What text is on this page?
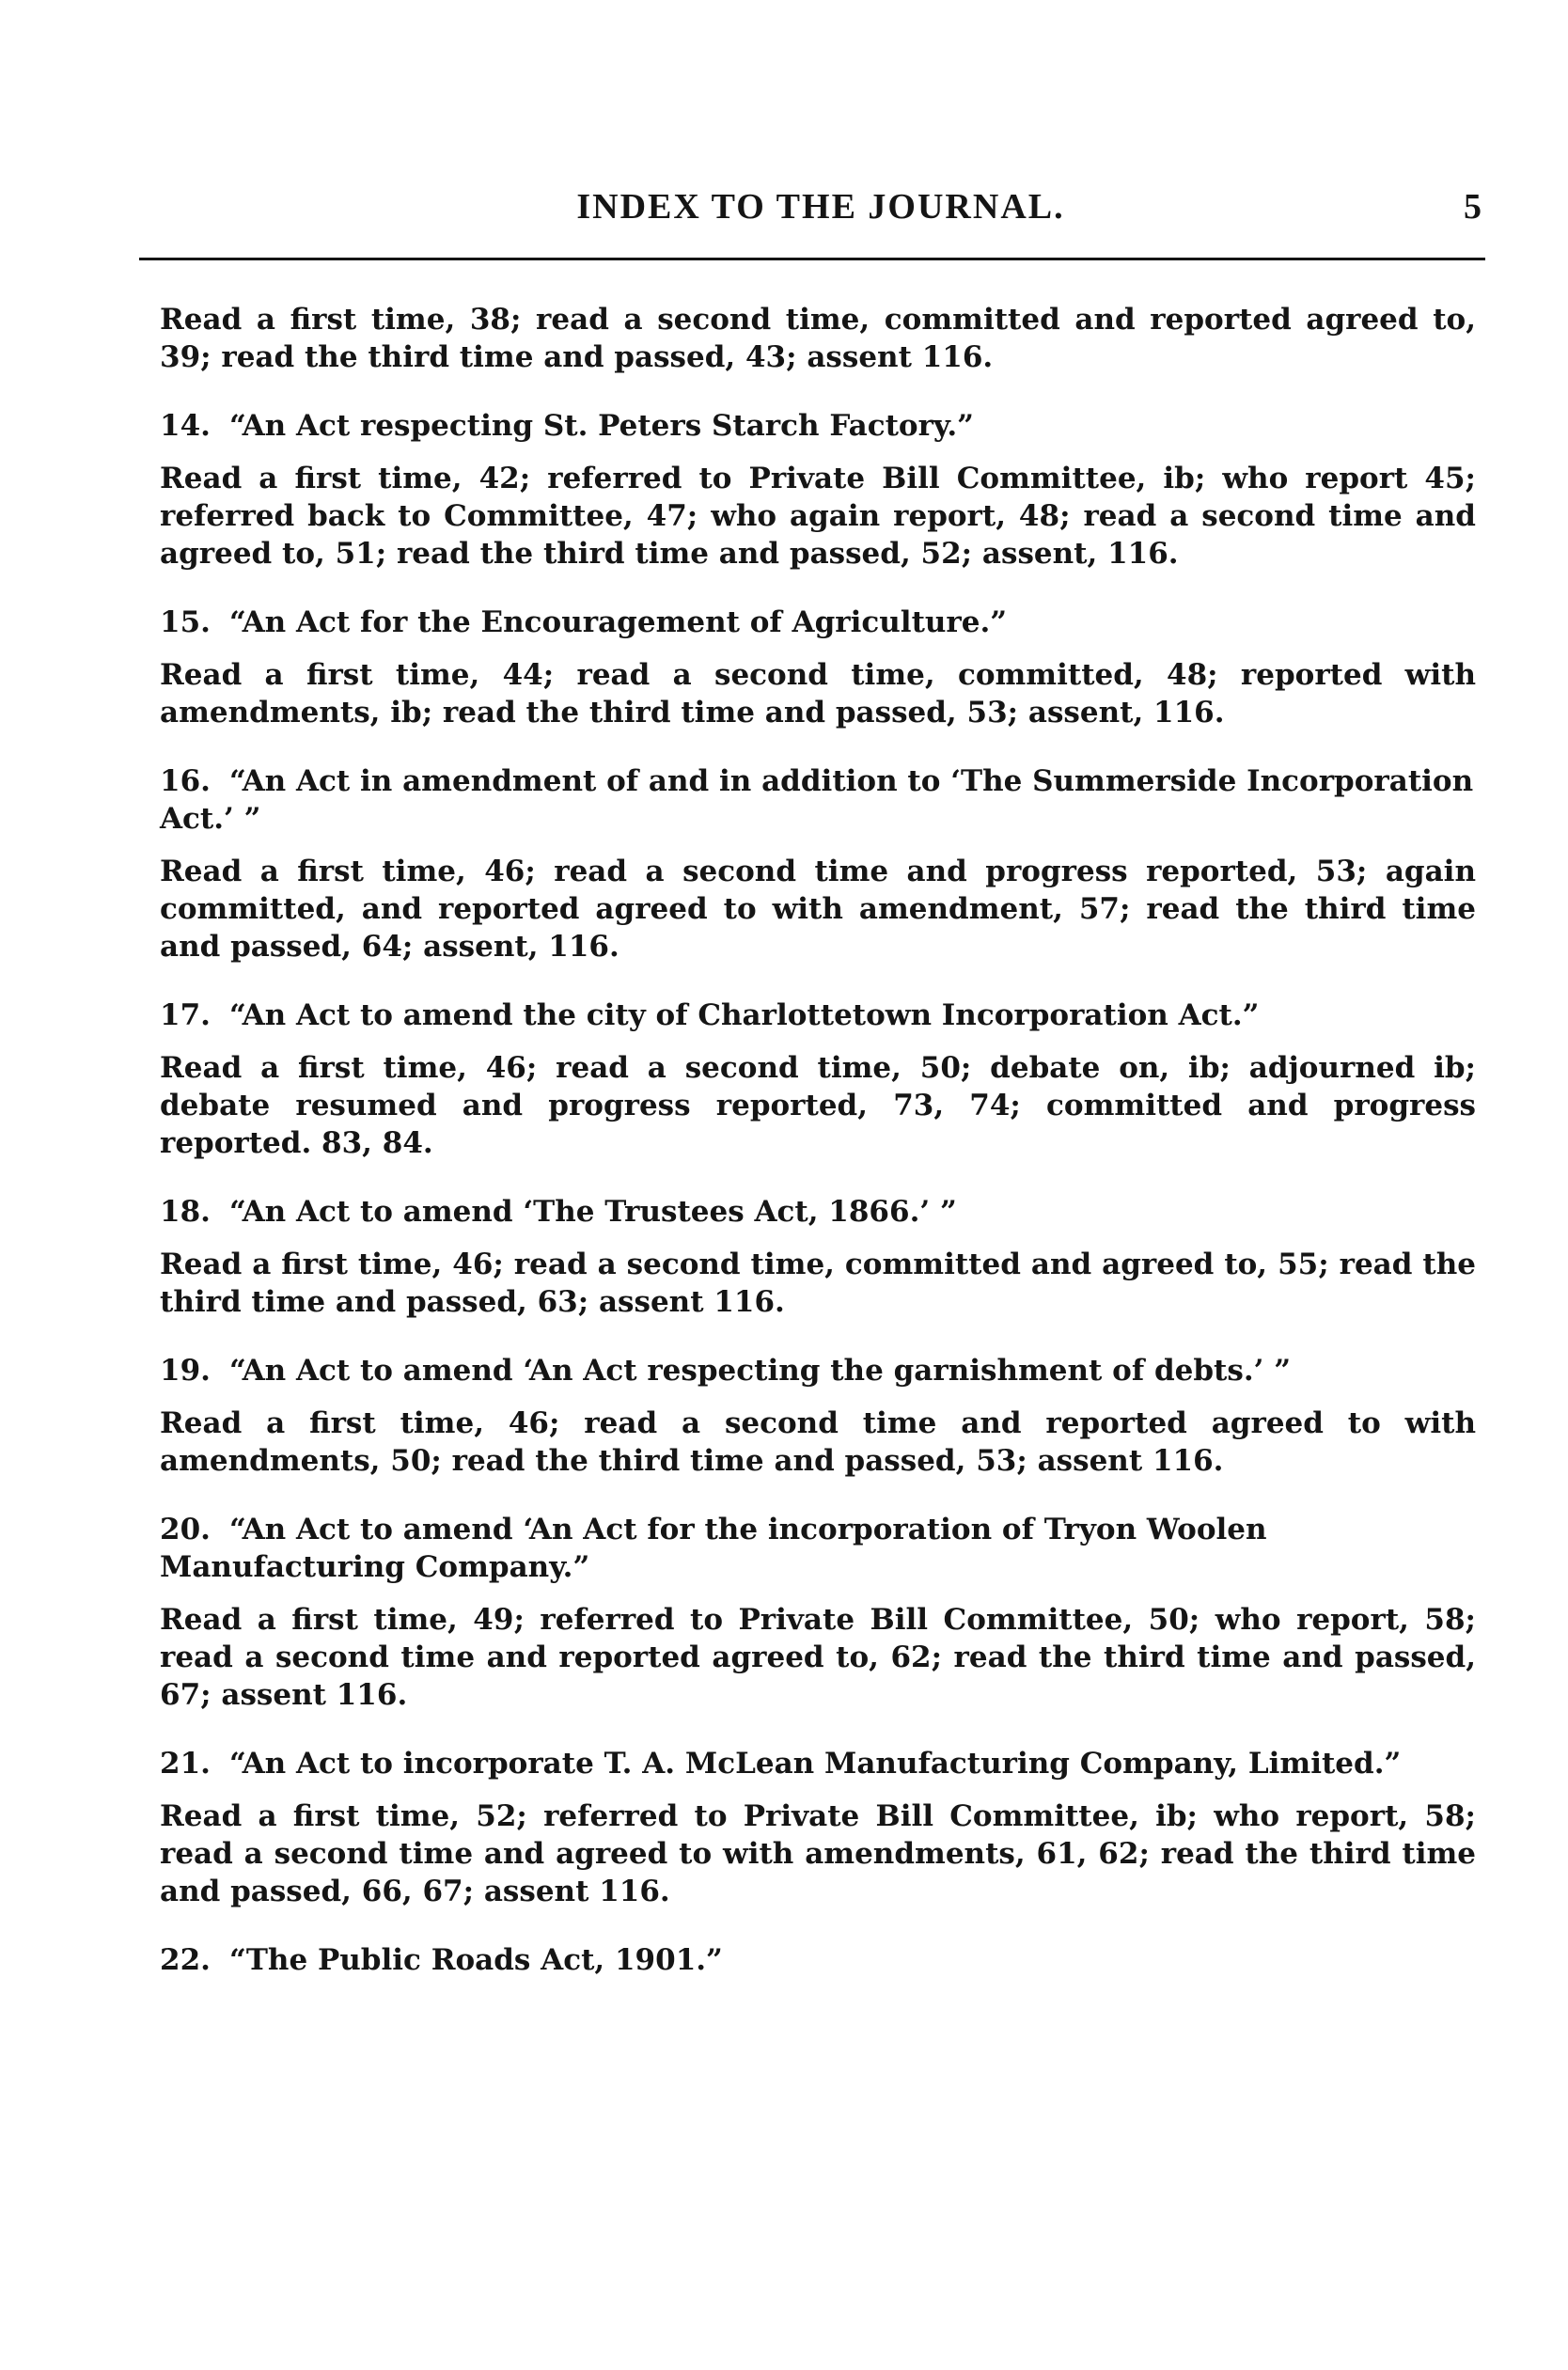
INDEX TO THE JOURNAL.	5

Read a first time, 38; read a second time, committed and reported agreed to, 39; read the third time and passed, 43; assent 116.

14. “An Act respecting St. Peters Starch Factory.”

Read a first time, 42; referred to Private Bill Committee, ib; who report 45; referred back to Committee, 47; who again report, 48; read a second time and agreed to, 51; read the third time and passed, 52; assent, 116.

15. “An Act for the Encouragement of Agriculture.”

Read a first time, 44; read a second time, committed, 48; reported with amendments, ib; read the third time and passed, 53; assent, 116.

16. “An Act in amendment of and in addition to ‘The Summerside Incorporation Act.’ ”

Read a first time, 46; read a second time and progress reported, 53; again committed, and reported agreed to with amendment, 57; read the third time and passed, 64; assent, 116.

17. “An Act to amend the city of Charlottetown Incorporation Act.”

Read a first time, 46; read a second time, 50; debate on, ib; adjourned ib; debate resumed and progress reported, 73, 74; committed and progress reported. 83, 84.

18. “An Act to amend ‘The Trustees Act, 1866.’ ”

Read a first time, 46; read a second time, committed and agreed to, 55; read the third time and passed, 63; assent 116.

19. “An Act to amend ‘An Act respecting the garnishment of debts.’ ”

Read a first time, 46; read a second time and reported agreed to with amendments, 50; read the third time and passed, 53; assent 116.

20. “An Act to amend ‘An Act for the incorporation of Tryon Woolen Manufacturing Company.”

Read a first time, 49; referred to Private Bill Committee, 50; who report, 58; read a second time and reported agreed to, 62; read the third time and passed, 67; assent 116.

21. “An Act to incorporate T. A. McLean Manufacturing Company, Limited.”

Read a first time, 52; referred to Private Bill Committee, ib; who report, 58; read a second time and agreed to with amendments, 61, 62; read the third time and passed, 66, 67; assent 116.

22. “The Public Roads Act, 1901.”
